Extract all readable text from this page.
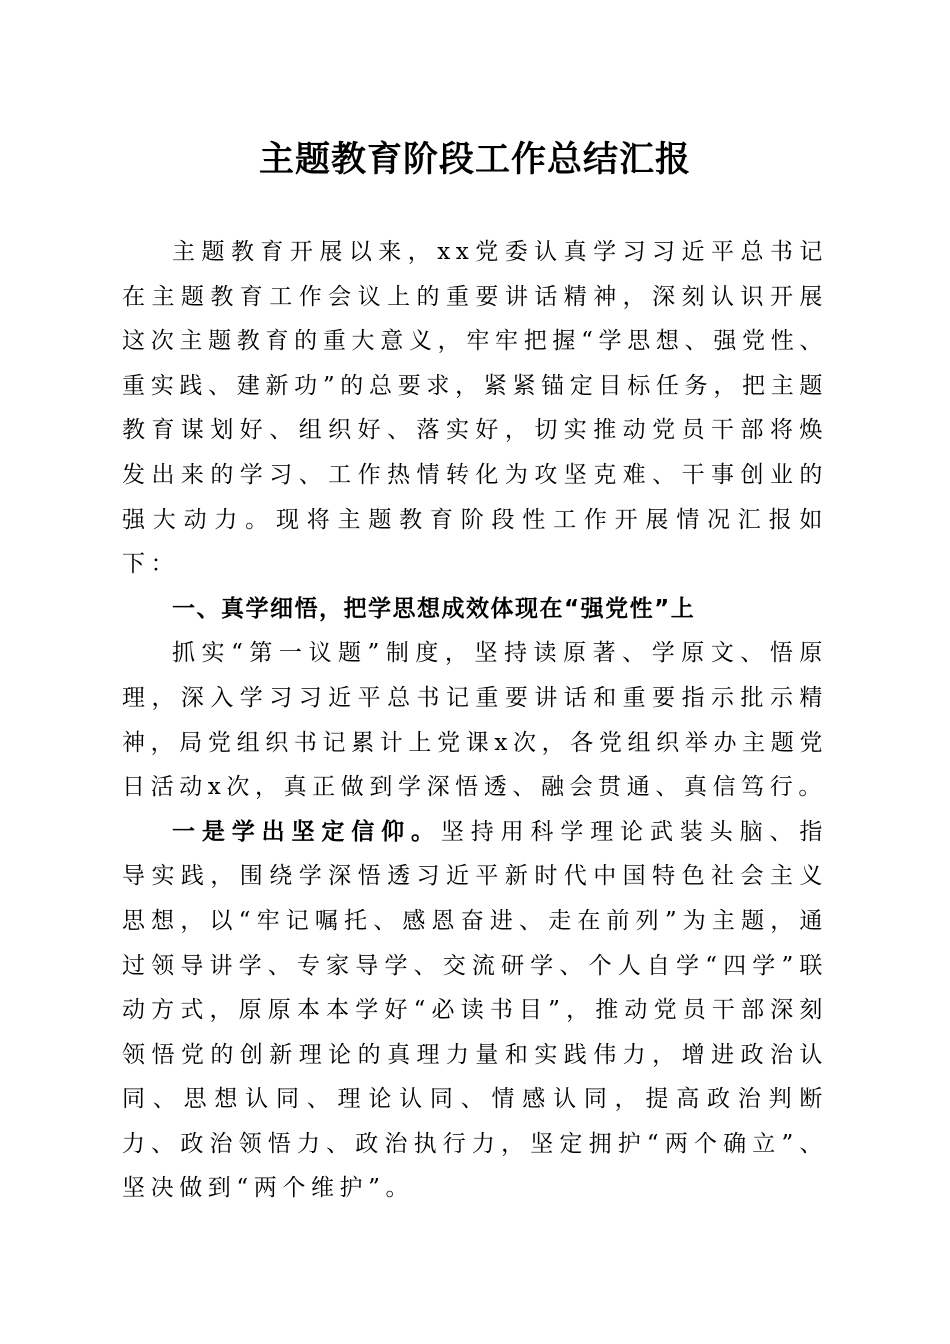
主题教育阶段工作总结汇报

主题教育开展以来，xx党委认真学习习近平总书记在主题教育工作会议上的重要讲话精神，深刻认识开展这次主题教育的重大意义，牢牢把握“学思想、强党性、重实践、建新功”的总要求，紧紧锚定目标任务，把主题教育谋划好、组织好、落实好，切实推动党员干部将焕发出来的学习、工作热情转化为攻坚克难、干事创业的强大动力。现将主题教育阶段性工作开展情况汇报如下：

一、真学细悟，把学思想成效体现在“强党性”上

抓实“第一议题”制度，坚持读原著、学原文、悟原理，深入学习习近平总书记重要讲话和重要指示批示精神，局党组织书记累计上党课x次，各党组织举办主题党日活动x次，真正做到学深悟透、融会贯通、真信笃行。

一是学出坚定信仰。坚持用科学理论武装头脑、指导实践，围绕学深悟透习近平新时代中国特色社会主义思想，以“牢记嘱托、感恩奋进、走在前列”为主题，通过领导讲学、专家导学、交流研学、个人自学“四学”联动方式，原原本本学好“必读书目”，推动党员干部深刻领悟党的创新理论的真理力量和实践伟力，增进政治认同、思想认同、理论认同、情感认同，提高政治判断力、政治领悟力、政治执行力，坚定拥护“两个确立”、坚决做到“两个维护”。
